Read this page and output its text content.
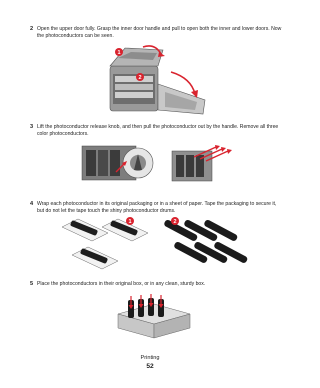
2 Open the upper door fully. Grasp the inner door handle and pull to open both the inner and lower doors. Now the photoconductors can be seen.
1
2
3 Lift the photoconductor release knob, and then pull the photoconductor out by the handle. Remove all three color photoconductors.
4 Wrap each photoconductor in its original packaging or in a sheet of paper. Tape the packaging to secure it, but do not let the tape touch the shiny photoconductor drums.
1	2
5 Place the photoconductors in their original box, or in any clean, sturdy box.
Printing
52
